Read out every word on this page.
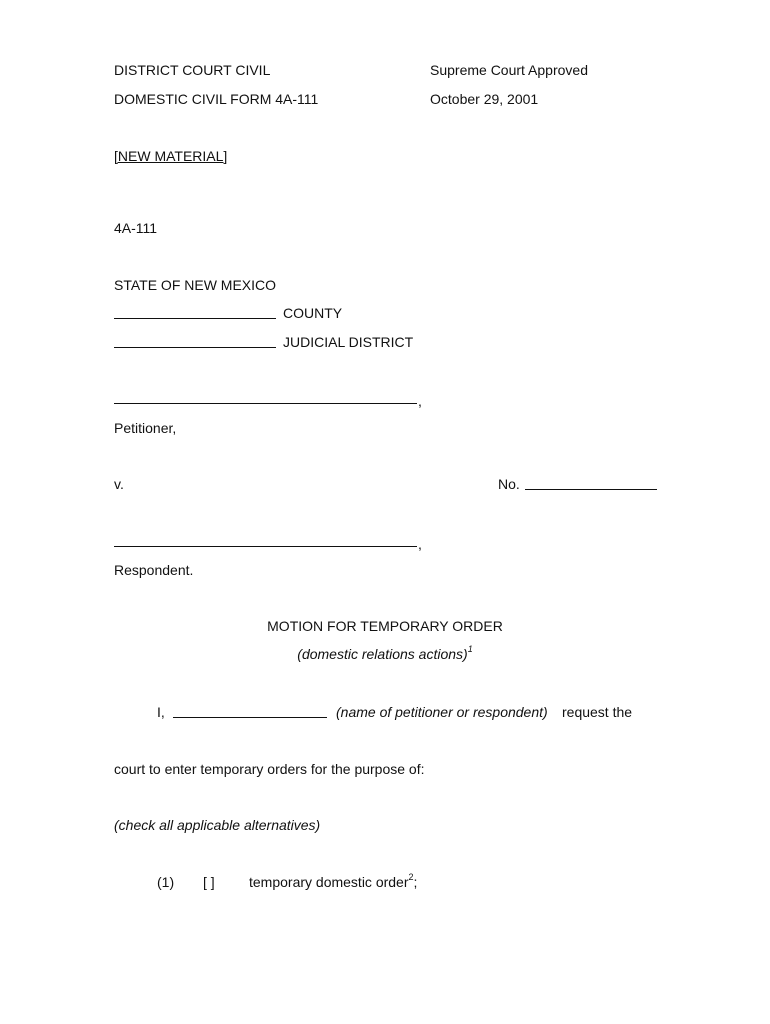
DISTRICT COURT CIVIL
DOMESTIC CIVIL FORM 4A-111
Supreme Court Approved
October 29, 2001
[NEW MATERIAL]
4A-111
STATE OF NEW MEXICO
COUNTY
JUDICIAL DISTRICT
,
Petitioner,
v.	No.
,
Respondent.
MOTION FOR TEMPORARY ORDER
(domestic relations actions)$^1$
I,	(name of petitioner or respondent) request the
court to enter temporary orders for the purpose of:
(check all applicable alternatives)
(1) [ ] temporary domestic order$^2$;
